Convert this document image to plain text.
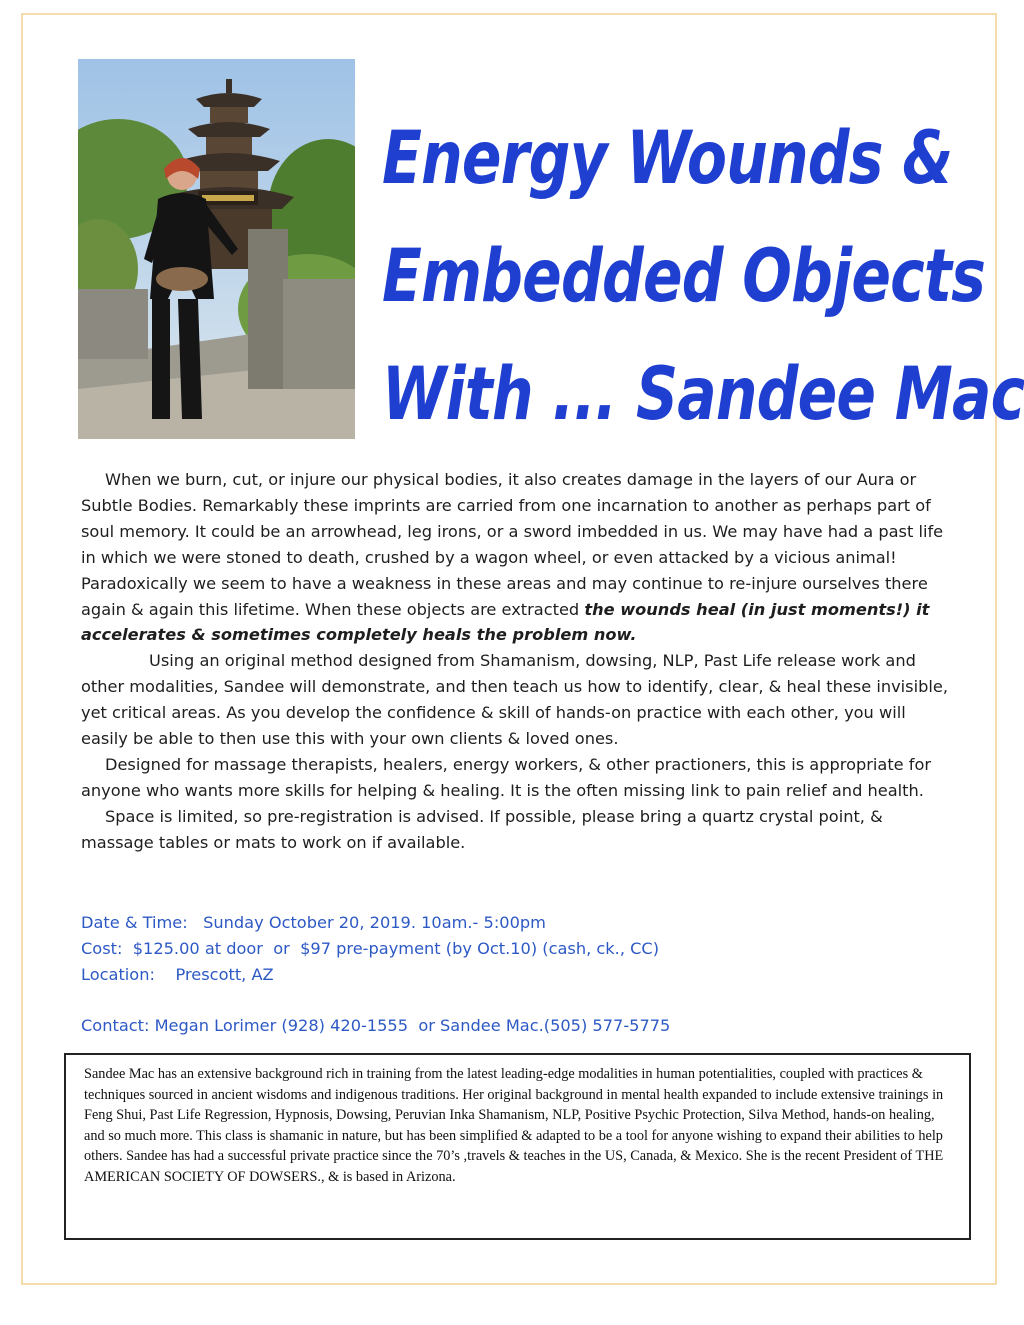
Energy Wounds &
Embedded Objects
With ... Sandee Mac

When we burn, cut, or injure our physical bodies, it also creates damage in the layers of our Aura or Subtle Bodies. Remarkably these imprints are carried from one incarnation to another as perhaps part of soul memory. It could be an arrowhead, leg irons, or a sword imbedded in us. We may have had a past life in which we were stoned to death, crushed by a wagon wheel, or even attacked by a vicious animal! Paradoxically we seem to have a weakness in these areas and may continue to re-injure ourselves there again & again this lifetime. When these objects are extracted the wounds heal (in just moments!) it accelerates & sometimes completely heals the problem now.

Using an original method designed from Shamanism, dowsing, NLP, Past Life release work and other modalities, Sandee will demonstrate, and then teach us how to identify, clear, & heal these invisible, yet critical areas. As you develop the confidence & skill of hands-on practice with each other, you will easily be able to then use this with your own clients & loved ones.

Designed for massage therapists, healers, energy workers, & other practioners, this is appropriate for anyone who wants more skills for helping & healing. It is the often missing link to pain relief and health.

Space is limited, so pre-registration is advised. If possible, please bring a quartz crystal point, & massage tables or mats to work on if available.

Date & Time:   Sunday October 20, 2019. 10am.- 5:00pm
Cost:  $125.00 at door  or  $97 pre-payment (by Oct.10) (cash, ck., CC)
Location:    Prescott, AZ
Contact: Megan Lorimer (928) 420-1555  or Sandee Mac.(505) 577-5775
Sandee Mac has an extensive background rich in training from the latest leading-edge modalities in human potentialities, coupled with practices & techniques sourced in ancient wisdoms and indigenous traditions. Her original background in mental health expanded to include extensive trainings in Feng Shui, Past Life Regression, Hypnosis, Dowsing, Peruvian Inka Shamanism, NLP, Positive Psychic Protection, Silva Method, hands-on healing, and so much more. This class is shamanic in nature, but has been simplified & adapted to be a tool for anyone wishing to expand their abilities to help others. Sandee has had a successful private practice since the 70’s ,travels & teaches in the US, Canada, & Mexico. She is the recent President of THE AMERICAN SOCIETY OF DOWSERS., & is based in Arizona.
